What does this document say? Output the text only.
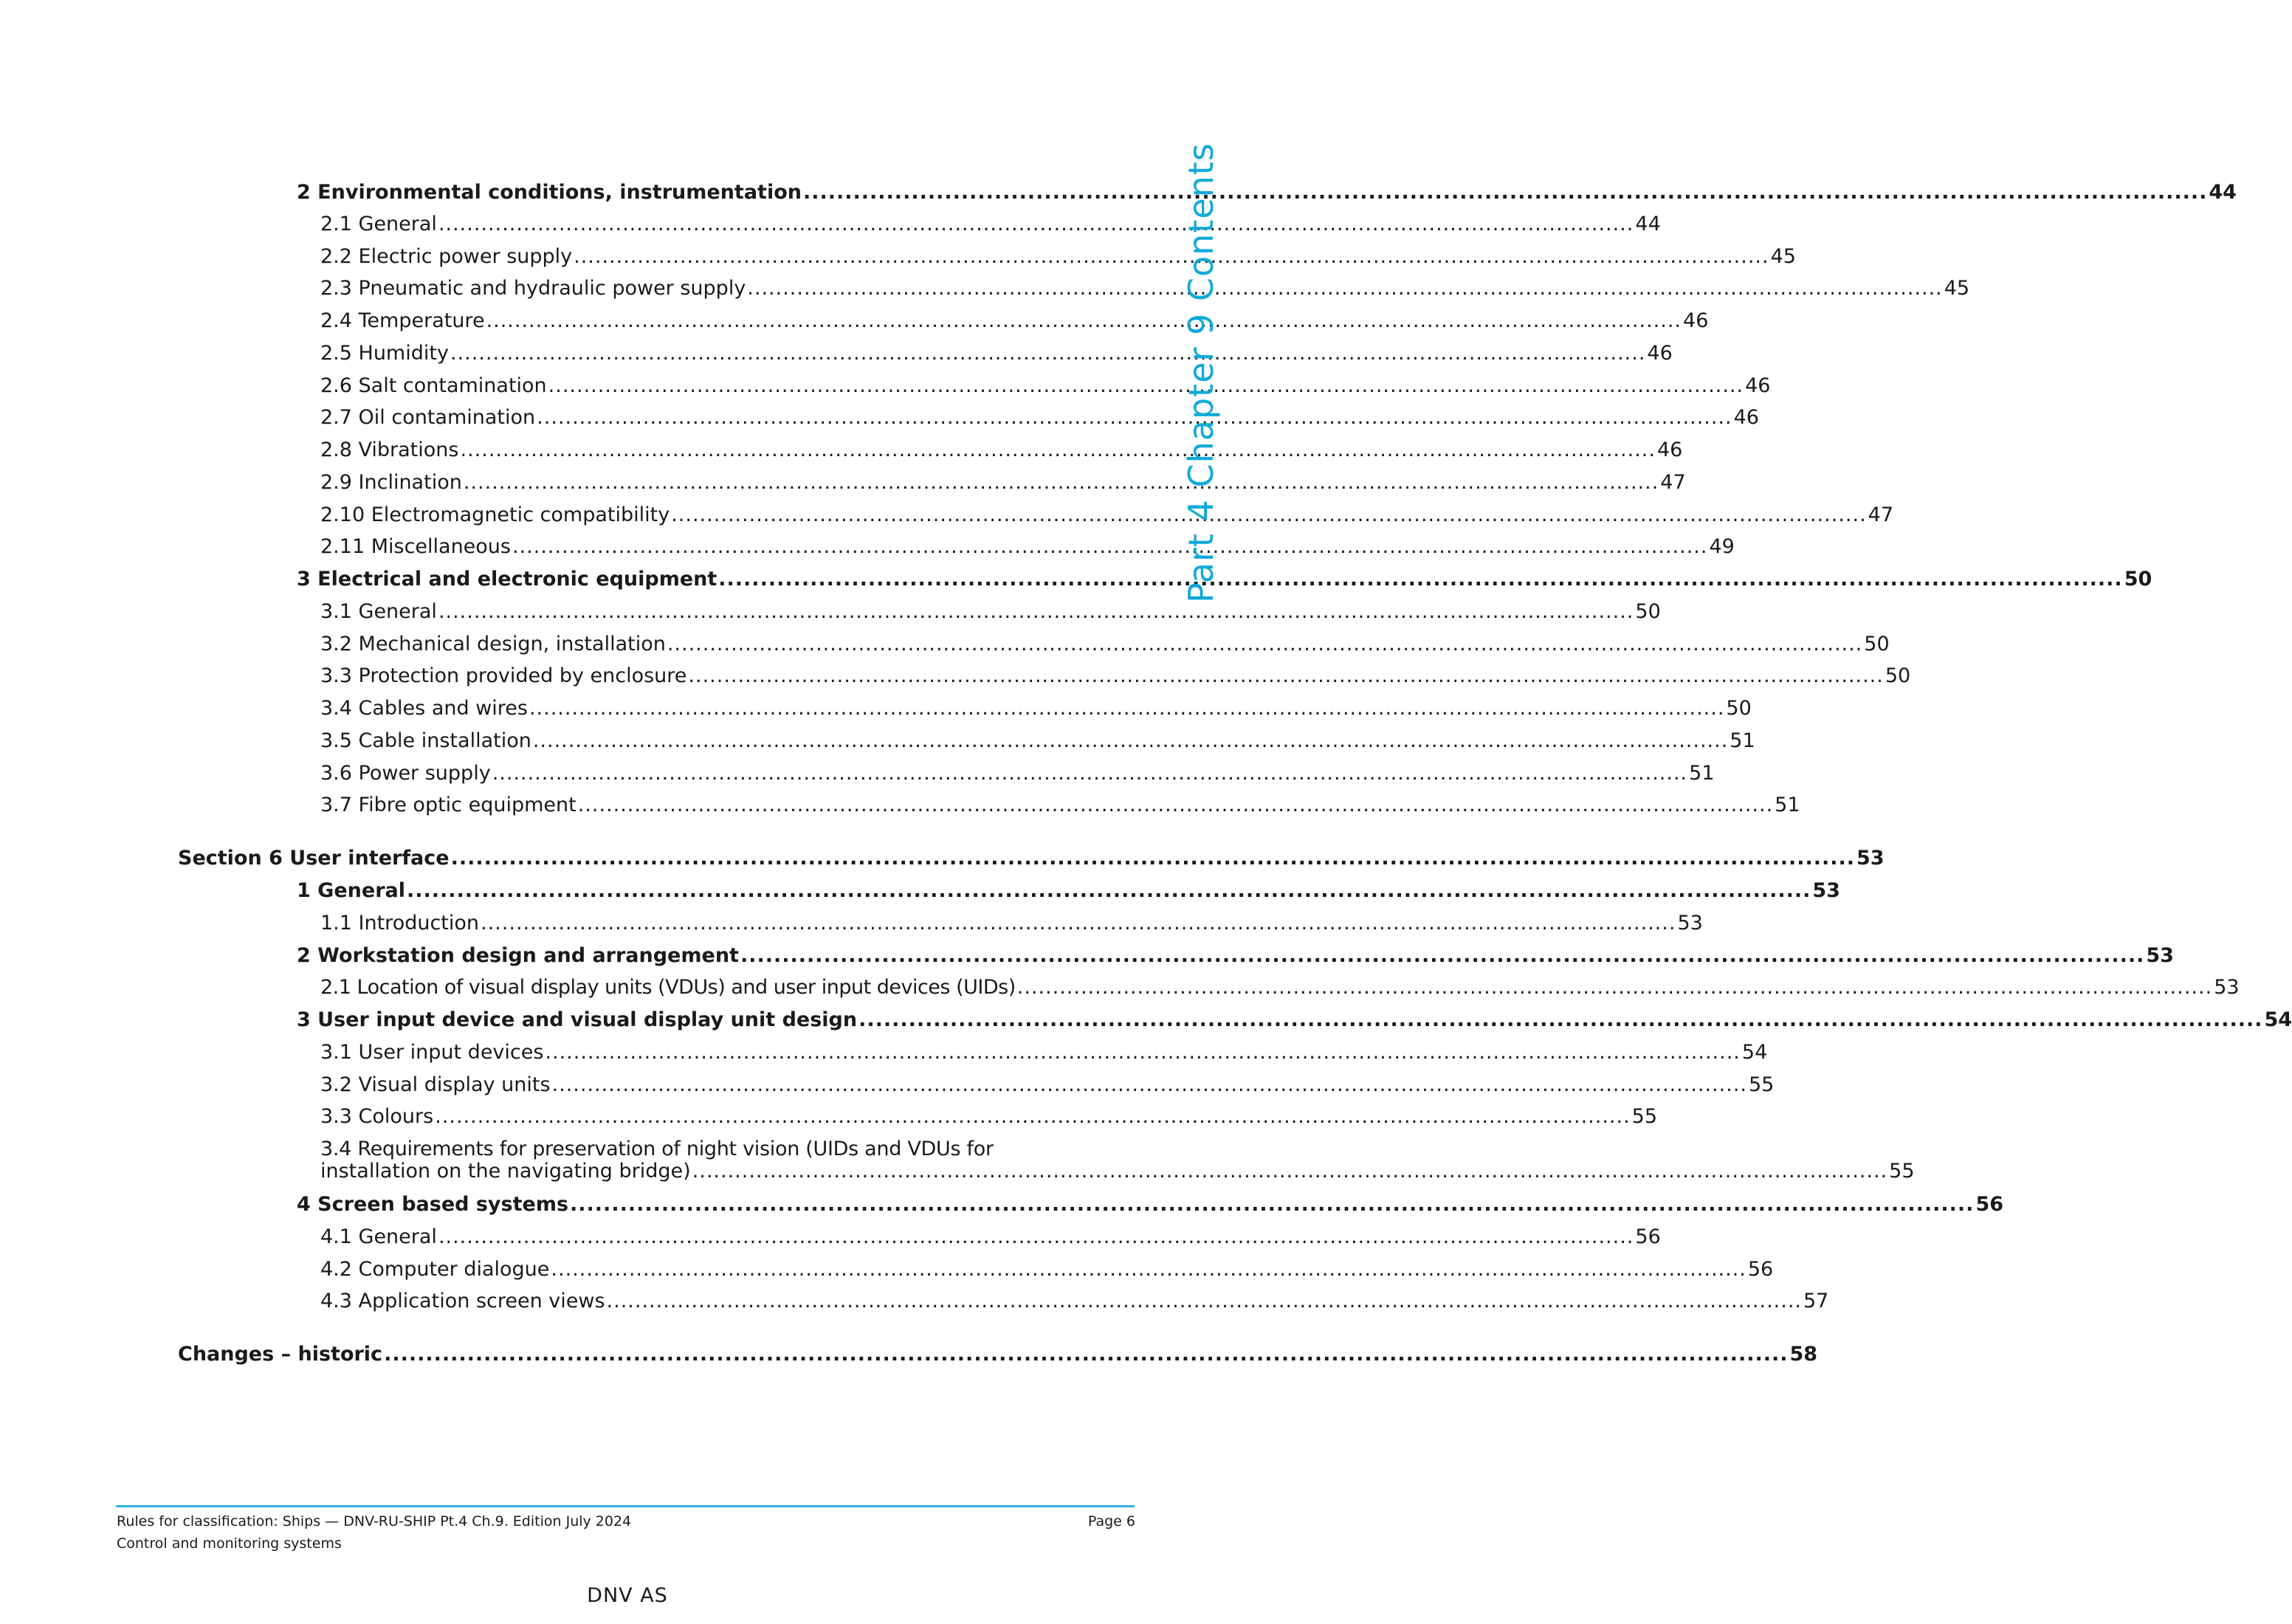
2 Environmental conditions, instrumentation ......................................................................................................................................................................... 44
2.1 General ......................................................................................................................................................................... 44
2.2 Electric power supply ......................................................................................................................................................................... 45
2.3 Pneumatic and hydraulic power supply ......................................................................................................................................................................... 45
2.4 Temperature ......................................................................................................................................................................... 46
2.5 Humidity ......................................................................................................................................................................... 46
2.6 Salt contamination ......................................................................................................................................................................... 46
2.7 Oil contamination ......................................................................................................................................................................... 46
2.8 Vibrations ......................................................................................................................................................................... 46
2.9 Inclination ......................................................................................................................................................................... 47
2.10 Electromagnetic compatibility ......................................................................................................................................................................... 47
2.11 Miscellaneous ......................................................................................................................................................................... 49
3 Electrical and electronic equipment ......................................................................................................................................................................... 50
3.1 General ......................................................................................................................................................................... 50
3.2 Mechanical design, installation ......................................................................................................................................................................... 50
3.3 Protection provided by enclosure ......................................................................................................................................................................... 50
3.4 Cables and wires ......................................................................................................................................................................... 50
3.5 Cable installation ......................................................................................................................................................................... 51
3.6 Power supply ......................................................................................................................................................................... 51
3.7 Fibre optic equipment ......................................................................................................................................................................... 51
Section 6 User interface ......................................................................................................................................................................... 53
1 General ......................................................................................................................................................................... 53
1.1 Introduction ......................................................................................................................................................................... 53
2 Workstation design and arrangement ......................................................................................................................................................................... 53
2.1 Location of visual display units (VDUs) and user input devices (UIDs) ......................................................................................................................................................................... 53
3 User input device and visual display unit design ......................................................................................................................................................................... 54
3.1 User input devices ......................................................................................................................................................................... 54
3.2 Visual display units ......................................................................................................................................................................... 55
3.3 Colours ......................................................................................................................................................................... 55
3.4 Requirements for preservation of night vision (UIDs and VDUs for
installation on the navigating bridge) ......................................................................................................................................................................... 55
4 Screen based systems ......................................................................................................................................................................... 56
4.1 General ......................................................................................................................................................................... 56
4.2 Computer dialogue ......................................................................................................................................................................... 56
4.3 Application screen views ......................................................................................................................................................................... 57
Changes – historic ......................................................................................................................................................................... 58
Part 4 Chapter 9 Contents
Rules for classification: Ships — DNV-RU-SHIP Pt.4 Ch.9. Edition July 2024
Control and monitoring systems
Page 6
DNV AS
